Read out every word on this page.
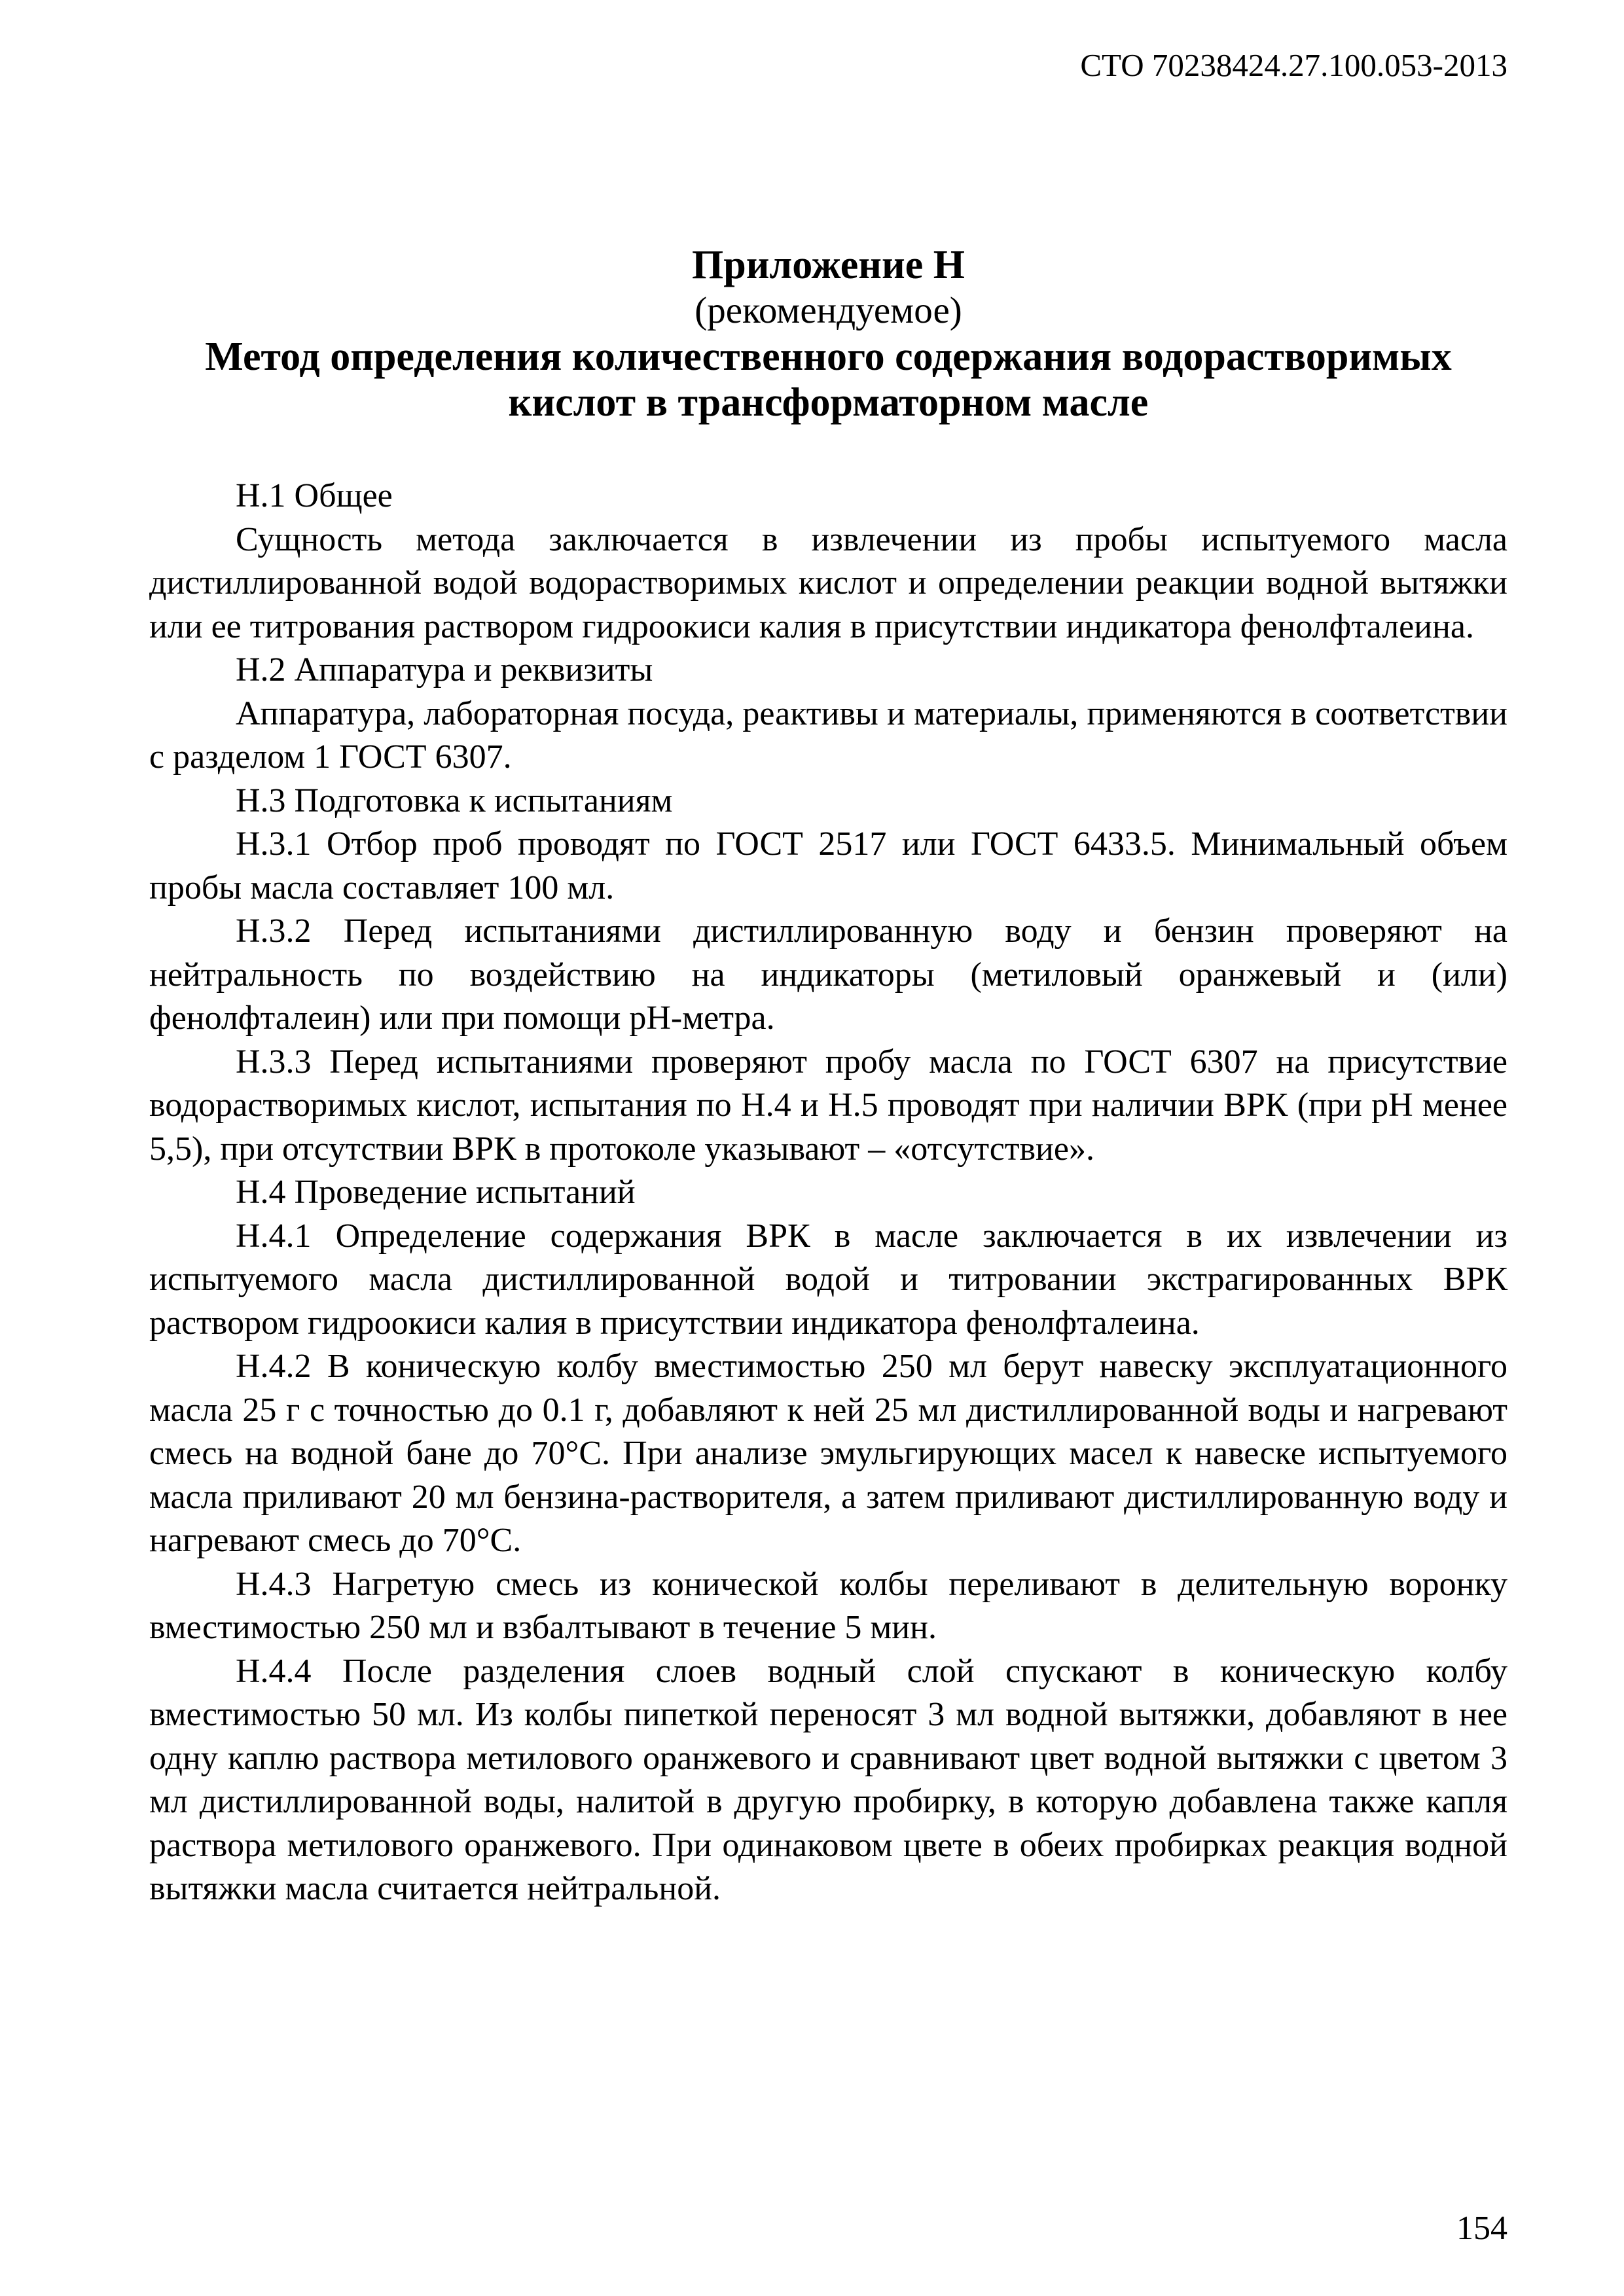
СТО 70238424.27.100.053-2013
Приложение Н
(рекомендуемое)
Метод определения количественного содержания водорастворимых кислот в трансформаторном масле

Н.1 Общее

Сущность метода заключается в извлечении из пробы испытуемого масла дистиллированной водой водорастворимых кислот и определении реакции водной вытяжки или ее титрования раствором гидроокиси калия в присутствии индикатора фенолфталеина.

Н.2 Аппаратура и реквизиты

Аппаратура, лабораторная посуда, реактивы и материалы, применяются в соответствии с разделом 1 ГОСТ 6307.

Н.3 Подготовка к испытаниям

Н.3.1 Отбор проб проводят по ГОСТ 2517 или ГОСТ 6433.5. Минимальный объем пробы масла составляет 100 мл.

Н.3.2 Перед испытаниями дистиллированную воду и бензин проверяют на нейтральность по воздействию на индикаторы (метиловый оранжевый и (или) фенолфталеин) или при помощи рН-метра.

Н.3.3 Перед испытаниями проверяют пробу масла по ГОСТ 6307 на присутствие водорастворимых кислот, испытания по Н.4 и Н.5 проводят при наличии ВРК (при рН менее 5,5), при отсутствии ВРК в протоколе указывают – «отсутствие».

Н.4 Проведение испытаний

Н.4.1 Определение содержания ВРК в масле заключается в их извлечении из испытуемого масла дистиллированной водой и титровании экстрагированных ВРК раствором гидроокиси калия в присутствии индикатора фенолфталеина.

Н.4.2 В коническую колбу вместимостью 250 мл берут навеску эксплуатационного масла 25 г с точностью до 0.1 г, добавляют к ней 25 мл дистиллированной воды и нагревают смесь на водной бане до 70°С. При анализе эмульгирующих масел к навеске испытуемого масла приливают 20 мл бензина-растворителя, а затем приливают дистиллированную воду и нагревают смесь до 70°С.

Н.4.3 Нагретую смесь из конической колбы переливают в делительную воронку вместимостью 250 мл и взбалтывают в течение 5 мин.

Н.4.4 После разделения слоев водный слой спускают в коническую колбу вместимостью 50 мл. Из колбы пипеткой переносят 3 мл водной вытяжки, добавляют в нее одну каплю раствора метилового оранжевого и сравнивают цвет водной вытяжки с цветом 3 мл дистиллированной воды, налитой в другую пробирку, в которую добавлена также капля раствора метилового оранжевого. При одинаковом цвете в обеих пробирках реакция водной вытяжки масла считается нейтральной.

154
